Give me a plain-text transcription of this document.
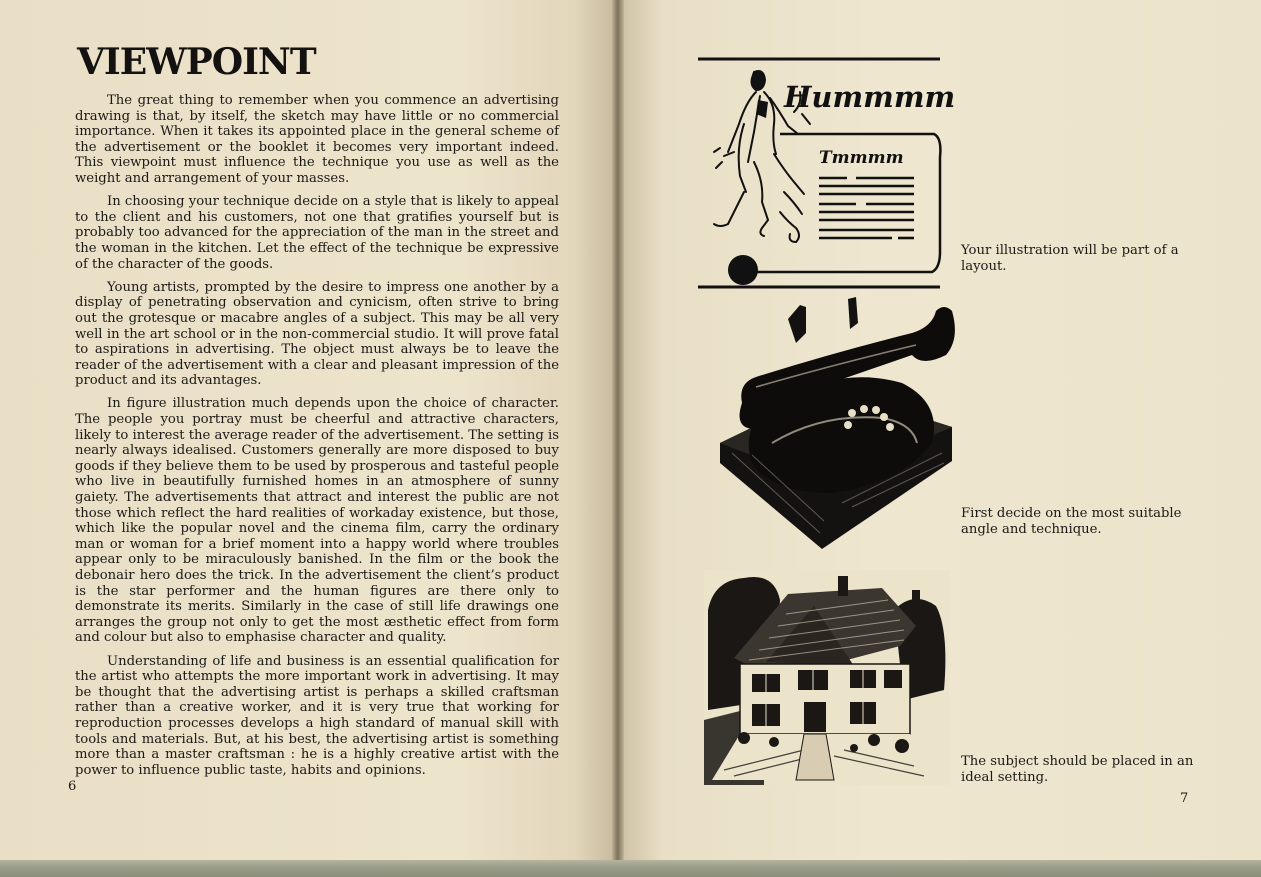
VIEWPOINT

The great thing to remember when you commence an advertising drawing is that, by itself, the sketch may have little or no commercial importance. When it takes its appointed place in the general scheme of the advertisement or the booklet it becomes very important indeed. This viewpoint must influence the technique you use as well as the weight and arrangement of your masses.

In choosing your technique decide on a style that is likely to appeal to the client and his customers, not one that gratifies yourself but is probably too advanced for the appreciation of the man in the street and the woman in the kitchen. Let the effect of the technique be expressive of the character of the goods.

Young artists, prompted by the desire to impress one another by a display of penetrating observation and cynicism, often strive to bring out the grotesque or macabre angles of a subject. This may be all very well in the art school or in the non-commercial studio. It will prove fatal to aspirations in advertising. The object must always be to leave the reader of the advertisement with a clear and pleasant impression of the product and its advantages.

In figure illustration much depends upon the choice of character. The people you portray must be cheerful and attractive characters, likely to interest the average reader of the advertisement. The setting is nearly always idealised. Customers generally are more disposed to buy goods if they believe them to be used by prosperous and tasteful people who live in beautifully furnished homes in an atmosphere of sunny gaiety. The advertisements that attract and interest the public are not those which reflect the hard realities of workaday existence, but those, which like the popular novel and the cinema film, carry the ordinary man or woman for a brief moment into a happy world where troubles appear only to be miraculously banished. In the film or the book the debonair hero does the trick. In the advertisement the client’s product is the star performer and the human figures are there only to demonstrate its merits. Similarly in the case of still life drawings one arranges the group not only to get the most æsthetic effect from form and colour but also to emphasise character and quality.

Understanding of life and business is an essential qualification for the artist who attempts the more important work in advertising. It may be thought that the advertising artist is perhaps a skilled craftsman rather than a creative worker, and it is very true that working for reproduction processes develops a high standard of manual skill with tools and materials. But, at his best, the advertising artist is something more than a master craftsman : he is a highly creative artist with the power to influence public taste, habits and opinions.

6
Hummmm
Tmmmm
Your illustration will be part of a layout.
First decide on the most suitable angle and technique.
The subject should be placed in an ideal setting.
7
